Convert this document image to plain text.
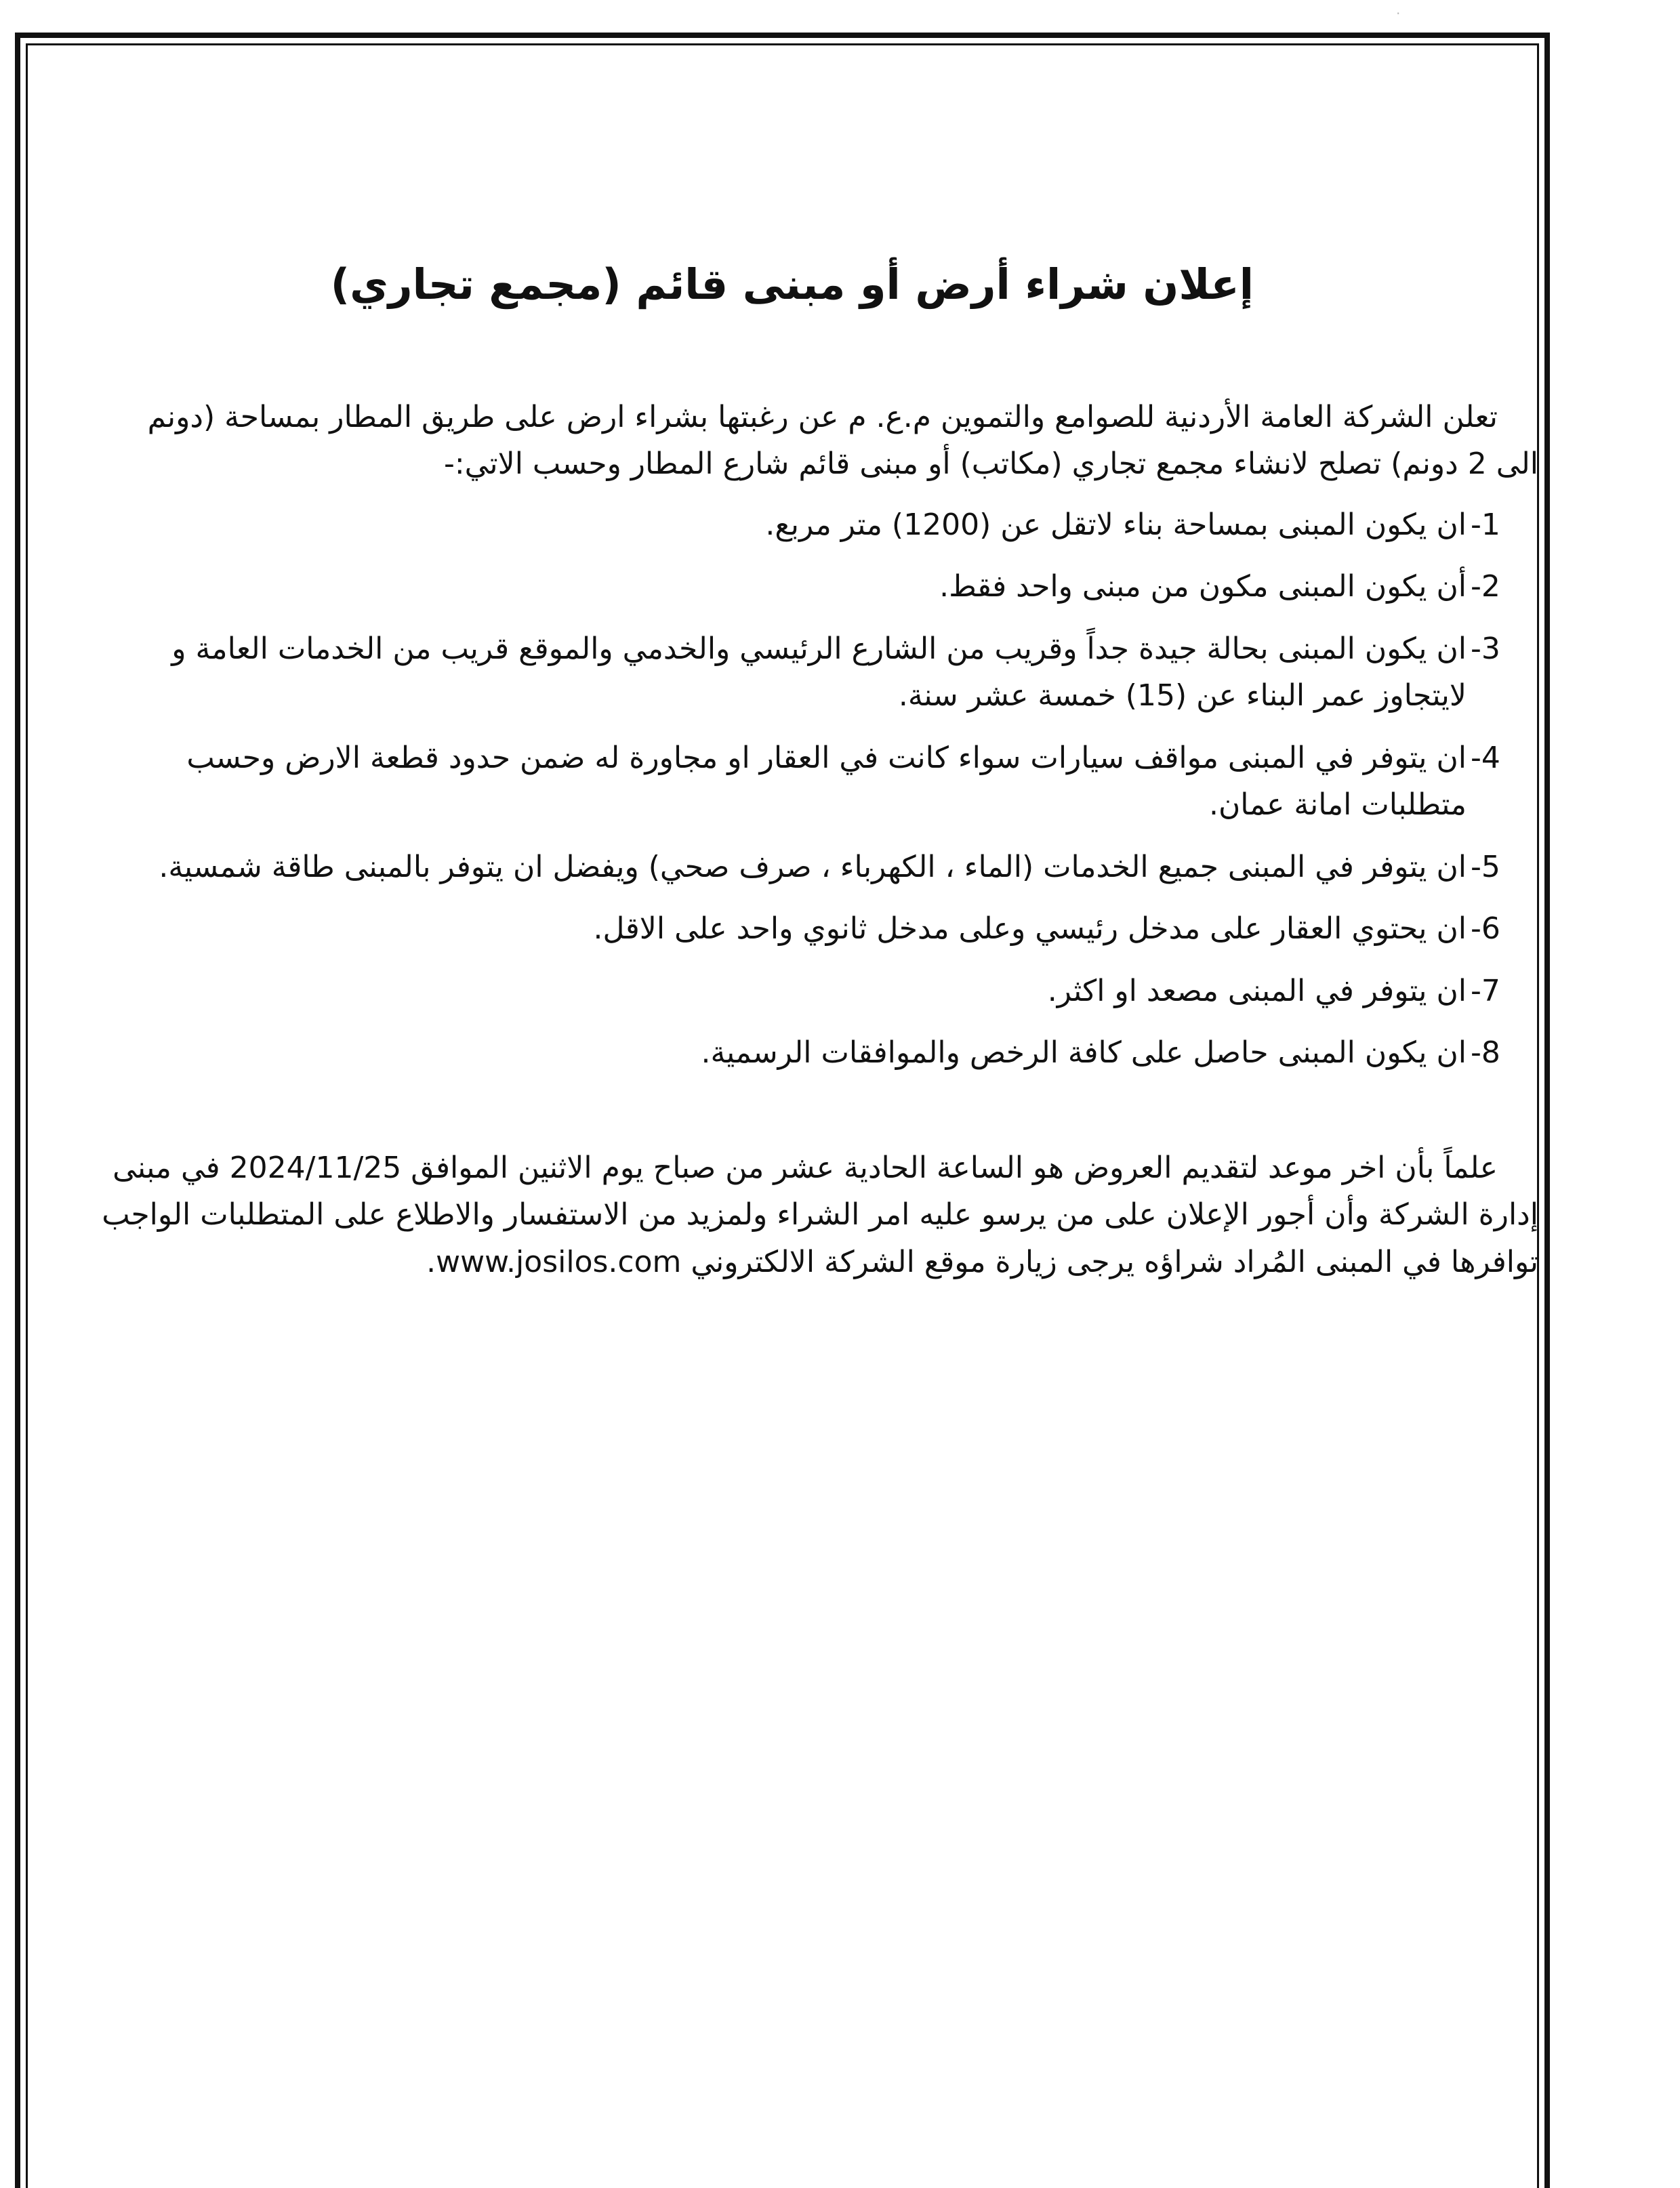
·
إعلان شراء أرض أو مبنى قائم (مجمع تجاري)

تعلن الشركة العامة الأردنية للصوامع والتموين م.ع. م عن رغبتها بشراء ارض على طريق المطار بمساحة (دونم الى 2 دونم) تصلح لانشاء مجمع تجاري (مكاتب) أو مبنى قائم شارع المطار وحسب الاتي:-

-1
ان يكون المبنى بمساحة بناء لاتقل عن (1200) متر مربع.
-2
أن يكون المبنى مكون من مبنى واحد فقط.
-3
ان يكون المبنى بحالة جيدة جداً وقريب من الشارع الرئيسي والخدمي والموقع قريب من الخدمات العامة و لايتجاوز عمر البناء عن (15) خمسة عشر سنة.
-4
ان يتوفر في المبنى مواقف سيارات سواء كانت في العقار او مجاورة له ضمن حدود قطعة الارض وحسب متطلبات امانة عمان.
-5
ان يتوفر في المبنى جميع الخدمات (الماء ، الكهرباء ، صرف صحي) ويفضل ان يتوفر بالمبنى طاقة شمسية.
-6
ان يحتوي العقار على مدخل رئيسي وعلى مدخل ثانوي واحد على الاقل.
-7
ان يتوفر في المبنى مصعد او اكثر.
-8
ان يكون المبنى حاصل على كافة الرخص والموافقات الرسمية.

علماً بأن اخر موعد لتقديم العروض هو الساعة الحادية عشر من صباح يوم الاثنين الموافق 2024/11/25 في مبنى إدارة الشركة وأن أجور الإعلان على من يرسو عليه امر الشراء ولمزيد من الاستفسار والاطلاع على المتطلبات الواجب توافرها في المبنى المُراد شراؤه يرجى زيارة موقع الشركة الالكتروني www.josilos.com.
